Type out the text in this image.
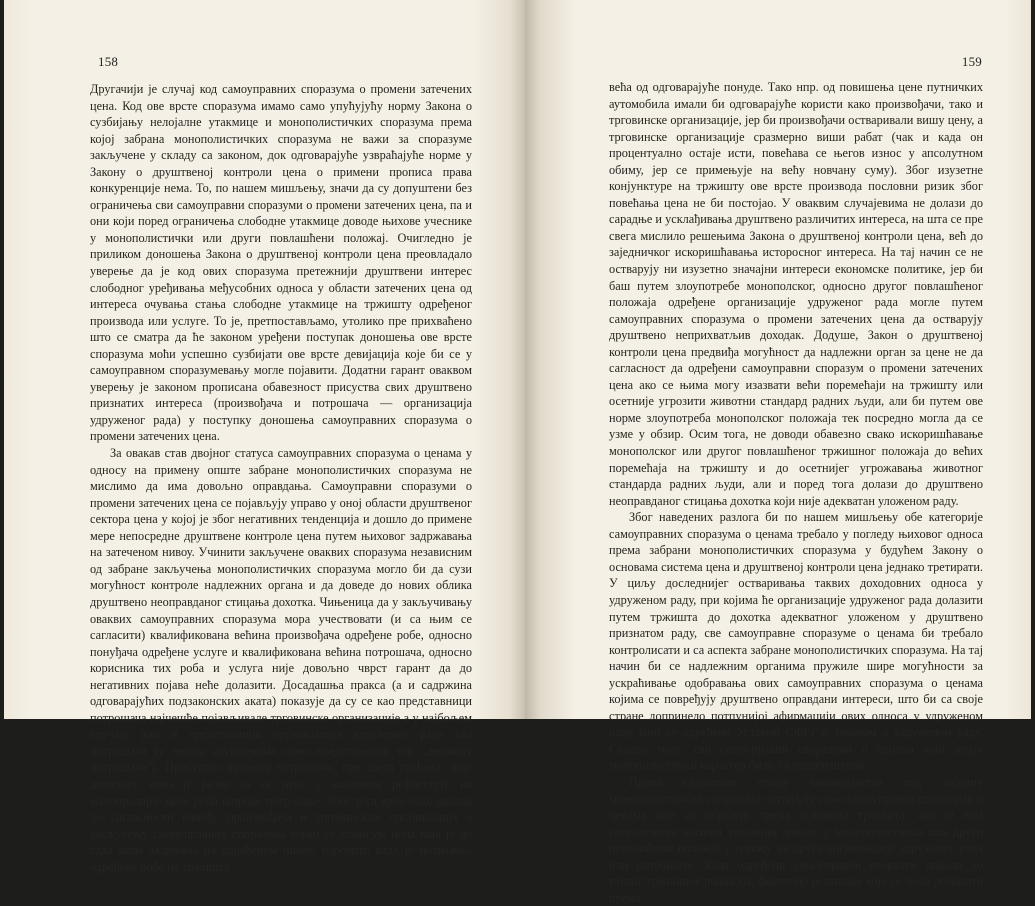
158

Другачији је случај код самоуправних споразума о промени затечених цена. Код ове врсте споразума имамо само упућујућу норму Закона о сузбијању нелојалне утакмице и монополистичких споразума према којој забрана монополистичких споразума не важи за споразуме закључене у складу са законом, док одговарајуће узвраћајуће норме у Закону о друштвеној контроли цена о примени прописа права конкуренције нема. То, по нашем мишљењу, значи да су допуштени без ограничења сви самоуправни споразуми о промени затечених цена, па и они који поред ограничења слободне утакмице доводе њихове учеснике у монополистички или други повлашћени положај. Очигледно је приликом доношења Закона о друштвеној контроли цена преовладало уверење да је код ових споразума претежнији друштвени интерес слободног уређивања међусобних односа у области затечених цена од интереса очувања стања слободне утакмице на тржишту одређеног производа или услуге. То је, претпостављамо, утолико пре прихваћено што се сматра да ће законом уређени поступак доношења ове врсте споразума моћи успешно сузбијати ове врсте девијација које би се у самоуправном споразумевању могле појавити. Додатни гарант оваквом уверењу је законом прописана обавезност присуства свих друштвено признатих интереса (произвођача и потрошача — организација удруженог рада) у поступку доношења самоуправних споразума о промени затечених цена.

За овакав став двојног статуса самоуправних споразума о ценама у односу на примену опште забране монополистичких споразума не мислимо да има довољно оправдања. Самоуправни споразуми о промени затечених цена се појављују управо у оној области друштвеног сектора цена у којој је због негативних тенденција и дошло до примене мере непосредне друштвене контроле цена путем њиховог задржавања на затеченом нивоу. Учинити закључене оваквих споразума независним од забране закључења монополистичких споразума могло би да сузи могућност контроле надлежних органа и да доведе до нових облика друштвено неоправданог стицања дохотка. Чињеница да у закључивању оваквих самоуправних споразума мора учествовати (и са њим се сагласити) квалификована већина произвођача одређене робе, односно понуђача одређене услуге и квалификована већина потрошача, односно корисника тих роба и услуга није довољно чврст гарант да до негативних појава неће долазити. Досадашња пракса (а и садржина одговарајућих подзаконских аката) показује да су се као представници потрошача најчешће појављивале трговинске организације а у најбољем случају још и представници организација удруженог рада као потрошача (у неким случајевима само представници тзв. „великих потрошача"). Присуство крајњих потрошача, пре свега грађана, није довољно, иако је јасно да се цене у коначном рефлектују на малопродајне цене роба широке потрошње. Због тога врло лако долази до сагласности између произвођача и трговинских организација о закључењу самоуправних споразума којим се повисује цена која је до тада била задржана на одређеном нивоу, нарочито када је потражња одређене робе на тржишту

159

већа од одговарајуће понуде. Тако нпр. од повишења цене путничких аутомобила имали би одговарајуће користи како произвођачи, тако и трговинске организације, јер би произвођачи остваривали вишу цену, а трговинске организације сразмерно виши рабат (чак и када он процентуално остаје исти, повећава се његов износ у апсолутном обиму, јер се примењује на већу новчану суму). Због изузетне конјунктуре на тржишту ове врсте производа пословни ризик због повећања цена не би постојао. У оваквим случајевима не долази до сарадње и усклађивања друштвено различитих интереса, на шта се пре свега мислило решењима Закона о друштвеној контроли цена, већ до заједничког искоришћавања исторосног интереса. На тај начин се не остварују ни изузетно значајни интереси економске политике, јер би баш путем злоупотребе монополског, односно другог повлашћеног положаја одређене организације удруженог рада могле путем самоуправних споразума о промени затечених цена да остварују друштвено неприхватљив доходак. Додуше, Закон о друштвеној контроли цена предвиђа могућност да надлежни орган за цене не да сагласност да одређени самоуправни споразум о промени затечених цена ако се њима могу изазвати већи поремећаји на тржишту или осетније угрозити животни стандард радних људи, али би путем ове норме злоупотреба монополског положаја тек посредно могла да се узме у обзир. Осим тога, не доводи обавезно свако искоришћавање монополског или другог повлашћеног тржишног положаја до већих поремећаја на тржишту и до осетнијег угрожавања животног стандарда радних људи, али и поред тога долази до друштвено неоправданог стицања дохотка који није адекватан уложеном раду.

Због наведених разлога би по нашем мишљењу обе категорије самоуправних споразума о ценама требало у погледу њиховог односа према забрани монополистичких споразума у будућем Закону о основама система цена и друштвеној контроли цена једнако третирати. У циљу доследнијег остваривања таквих доходовних односа у удруженом раду, при којима ће организације удруженог рада долазити путем тржишта до дохотка адекватног уложеном у друштвено признатом раду, све самоуправне споразуме о ценама би требало контролисати и са аспекта забране монополистичких споразума. На тај начин би се надлежним органима пружиле шире могућности за ускраћивање одобравања ових самоуправних споразума о ценама којима се повређују друштвено оправдани интереси, што би са своје стране допринело потпунијој афирмацији ових односа у удруженом раду који су одређени Уставом СФРЈ и Законом о удруженом раду. Сходно томе, сви самоуправни споразуми о ценама који имају монополистички карактер били би недопуштени.

Према садашњем стању законодавства под забрану монополистичких споразума потпадају само самоуправни споразуми о ценама које се образују према условима тржишта, ако се тим споразумима њихови учесници доводе у монополистички или други повлашћени положај у односу на друге организације удруженог рада или потрошаче. Када одређени самоуправни споразум доводи до таквог тржишног положаја, фактично је питање које се мора решавати према
